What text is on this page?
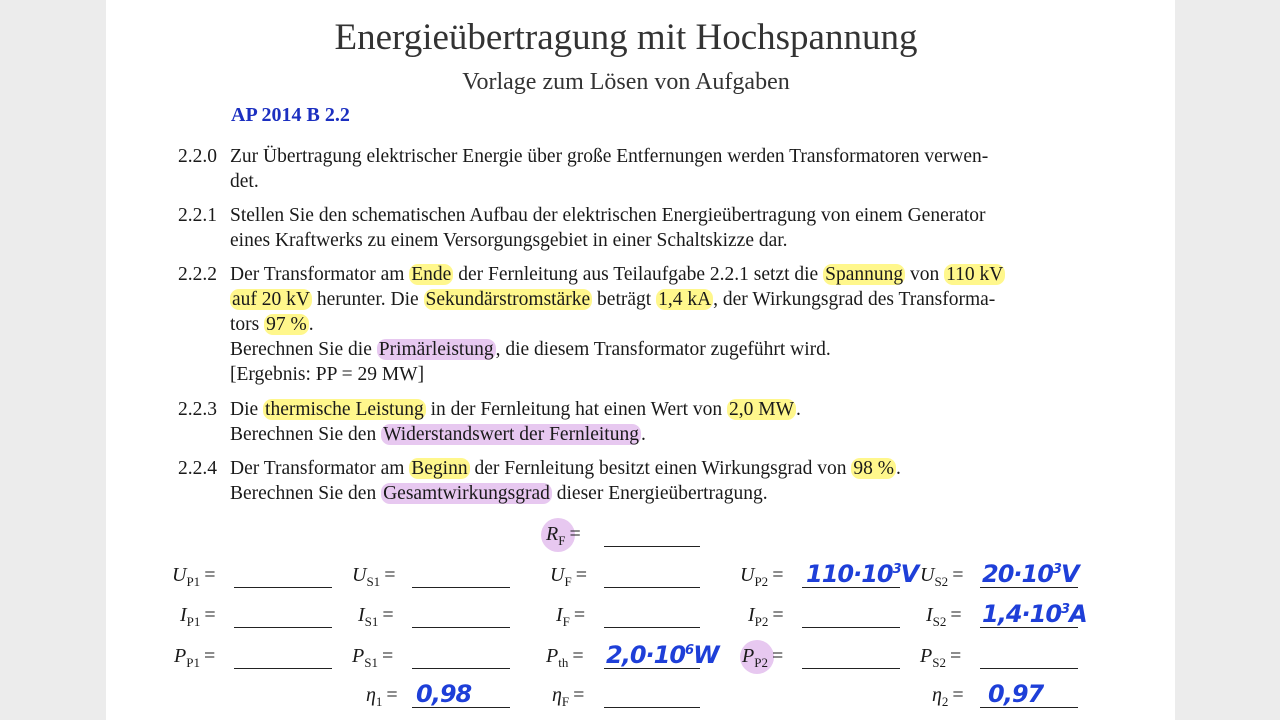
Energieübertragung mit Hochspannung
Vorlage zum Lösen von Aufgaben
AP 2014 B 2.2
2.2.0 Zur Übertragung elektrischer Energie über große Entfernungen werden Transformatoren verwen-
det.
2.2.1 Stellen Sie den schematischen Aufbau der elektrischen Energieübertragung von einem Generator
eines Kraftwerks zu einem Versorgungsgebiet in einer Schaltskizze dar.
2.2.2 Der Transformator am Ende der Fernleitung aus Teilaufgabe 2.2.1 setzt die Spannung von 110 kV
auf 20 kV herunter. Die Sekundärstromstärke beträgt 1,4 kA , der Wirkungsgrad des Transforma-
tors 97 % .
Berechnen Sie die Primärleistung , die diesem Transformator zugeführt wird.
[Ergebnis: PP = 29 MW]
2.2.3 Die thermische Leistung in der Fernleitung hat einen Wert von 2,0 MW .
Berechnen Sie den Widerstandswert der Fernleitung .
2.2.4 Der Transformator am Beginn der Fernleitung besitzt einen Wirkungsgrad von 98 % .
Berechnen Sie den Gesamtwirkungsgrad dieser Energieübertragung.
$R_F$ =
$U_{P1}$ =	$U_{S1}$ =	$U_F$ =	$U_{P2} = 110\cdot 10^3V$ $U_{S2} = 20\cdot 10^3V$
$I_{P1}$ =	$I_{S1}$ =	$I_F$ =	$I_{P2}$ =	$I_{S2} = 1,4\cdot 10^3A$
$P_{P1}$ =	$P_{S1}$ =	$P_{th} = 2,0\cdot 10^6W$ $P_{P2}$ =	$P_{S2}$ =
$\eta_1 = 0,98$	$\eta_F$ =	$\eta_2 = 0,97$
